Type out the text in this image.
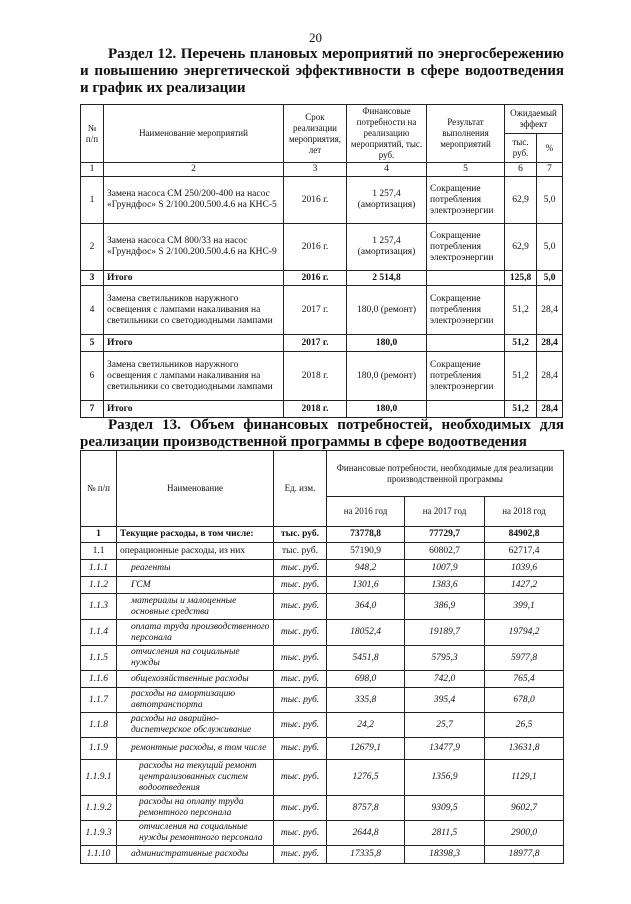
20
Раздел 12. Перечень плановых мероприятий по энергосбережению и повышению энергетической эффективности в сфере водоотведения и график их реализации
№ п/п	Наименование мероприятий	Срок реализации мероприятия, лет	Финансовые потребности на реализацию мероприятий, тыс. руб.	Результат выполнения мероприятий	Ожидаемый эффект	
					тыс. руб.	%
1	2	3	4	5	6	7
1	Замена насоса СМ 250/200-400 на насос «Грундфос» S 2/100.200.500.4.6 на КНС-5	2016 г.	1 257,4 (амортизация)	Сокращение потребления электроэнергии	62,9	5,0
2	Замена насоса СМ 800/33 на насос «Грундфос» S 2/100.200.500.4.6 на КНС-9	2016 г.	1 257,4 (амортизация)	Сокращение потребления электроэнергии	62,9	5,0
3	Итого	2016 г.	2 514,8		125,8	5,0
4	Замена светильников наружного освещения с лампами накаливания на светильники со светодиодными лампами	2017 г.	180,0 (ремонт)	Сокращение потребления электроэнергии	51,2	28,4
5	Итого	2017 г.	180,0		51,2	28,4
6	Замена светильников наружного освещения с лампами накаливания на светильники со светодиодными лампами	2018 г.	180,0 (ремонт)	Сокращение потребления электроэнергии	51,2	28,4
7	Итого	2018 г.	180,0		51,2	28,4
Раздел 13. Объем финансовых потребностей, необходимых для реализации производственной программы в сфере водоотведения
№ п/п	Наименование	Ед. изм.	Финансовые потребности, необходимые для реализации производственной программы		
			на 2016 год	на 2017 год	на 2018 год
1	Текущие расходы, в том числе:	тыс. руб.	73778,8	77729,7	84902,8
1.1	операционные расходы, из них	тыс. руб.	57190,9	60802,7	62717,4
1.1.1	реагенты	тыс. руб.	948,2	1007,9	1039,6
1.1.2	ГСМ	тыс. руб.	1301,6	1383,6	1427,2
1.1.3	материалы и малоценные основные средства	тыс. руб.	364,0	386,9	399,1
1.1.4	оплата труда производственного персонала	тыс. руб.	18052,4	19189,7	19794,2
1.1.5	отчисления на социальные нужды	тыс. руб.	5451,8	5795,3	5977,8
1.1.6	общехозяйственные расходы	тыс. руб.	698,0	742,0	765,4
1.1.7	расходы на амортизацию автотранспорта	тыс. руб.	335,8	395,4	678,0
1.1.8	расходы на аварийно-диспетчерское обслуживание	тыс. руб.	24,2	25,7	26,5
1.1.9	ремонтные расходы, в том числе	тыс. руб.	12679,1	13477,9	13631,8
1.1.9.1	расходы на текущий ремонт централизованных систем водоотведения	тыс. руб.	1276,5	1356,9	1129,1
1.1.9.2	расходы на оплату труда ремонтного персонала	тыс. руб.	8757,8	9309,5	9602,7
1.1.9.3	отчисления на социальные нужды ремонтного персонала	тыс. руб.	2644,8	2811,5	2900,0
1.1.10	административные расходы	тыс. руб.	17335,8	18398,3	18977,8
